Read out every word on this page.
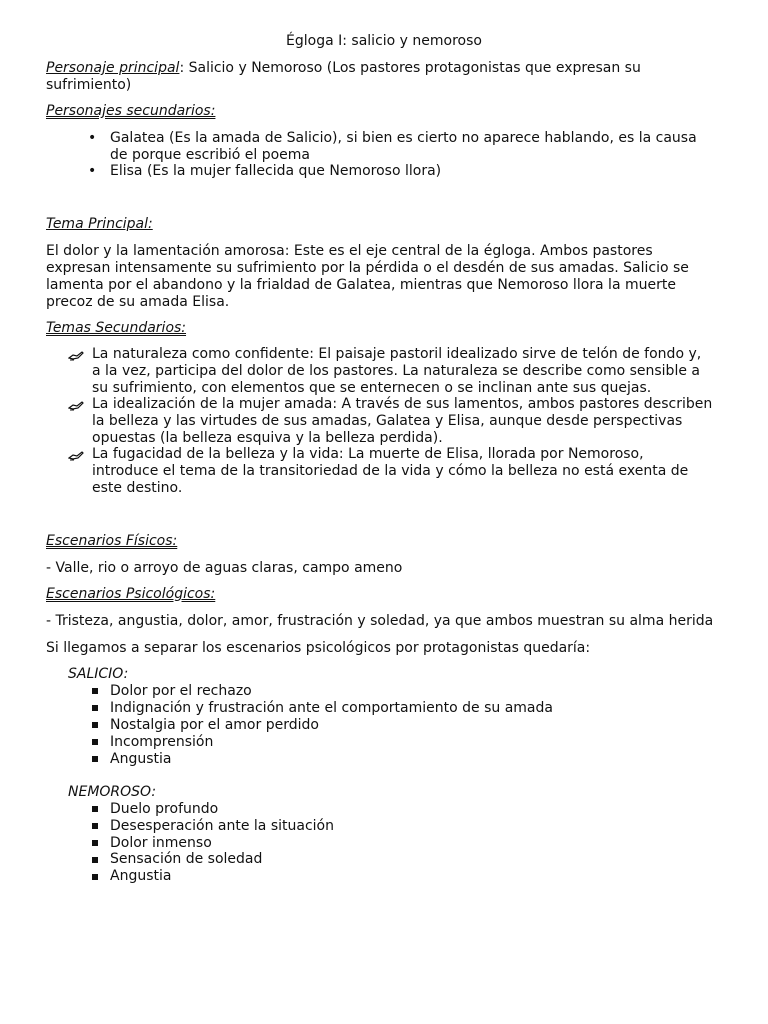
Égloga I: salicio y nemoroso
Personaje principal: Salicio y Nemoroso (Los pastores protagonistas que expresan su
sufrimiento)
Personajes secundarios:
• Galatea (Es la amada de Salicio), si bien es cierto no aparece hablando, es la causa
de porque escribió el poema
• Elisa (Es la mujer fallecida que Nemoroso llora)
Tema Principal:
El dolor y la lamentación amorosa: Este es el eje central de la égloga. Ambos pastores
expresan intensamente su sufrimiento por la pérdida o el desdén de sus amadas. Salicio se
lamenta por el abandono y la frialdad de Galatea, mientras que Nemoroso llora la muerte
precoz de su amada Elisa.
Temas Secundarios:
La naturaleza como confidente: El paisaje pastoril idealizado sirve de telón de fondo y,
a la vez, participa del dolor de los pastores. La naturaleza se describe como sensible a
su sufrimiento, con elementos que se enternecen o se inclinan ante sus quejas.
La idealización de la mujer amada: A través de sus lamentos, ambos pastores describen
la belleza y las virtudes de sus amadas, Galatea y Elisa, aunque desde perspectivas
opuestas (la belleza esquiva y la belleza perdida).
La fugacidad de la belleza y la vida: La muerte de Elisa, llorada por Nemoroso,
introduce el tema de la transitoriedad de la vida y cómo la belleza no está exenta de
este destino.
Escenarios Físicos:
- Valle, rio o arroyo de aguas claras, campo ameno
Escenarios Psicológicos:
- Tristeza, angustia, dolor, amor, frustración y soledad, ya que ambos muestran su alma herida
Si llegamos a separar los escenarios psicológicos por protagonistas quedaría:
SALICIO:
Dolor por el rechazo
Indignación y frustración ante el comportamiento de su amada
Nostalgia por el amor perdido
Incomprensión
Angustia
NEMOROSO:
Duelo profundo
Desesperación ante la situación
Dolor inmenso
Sensación de soledad
Angustia
